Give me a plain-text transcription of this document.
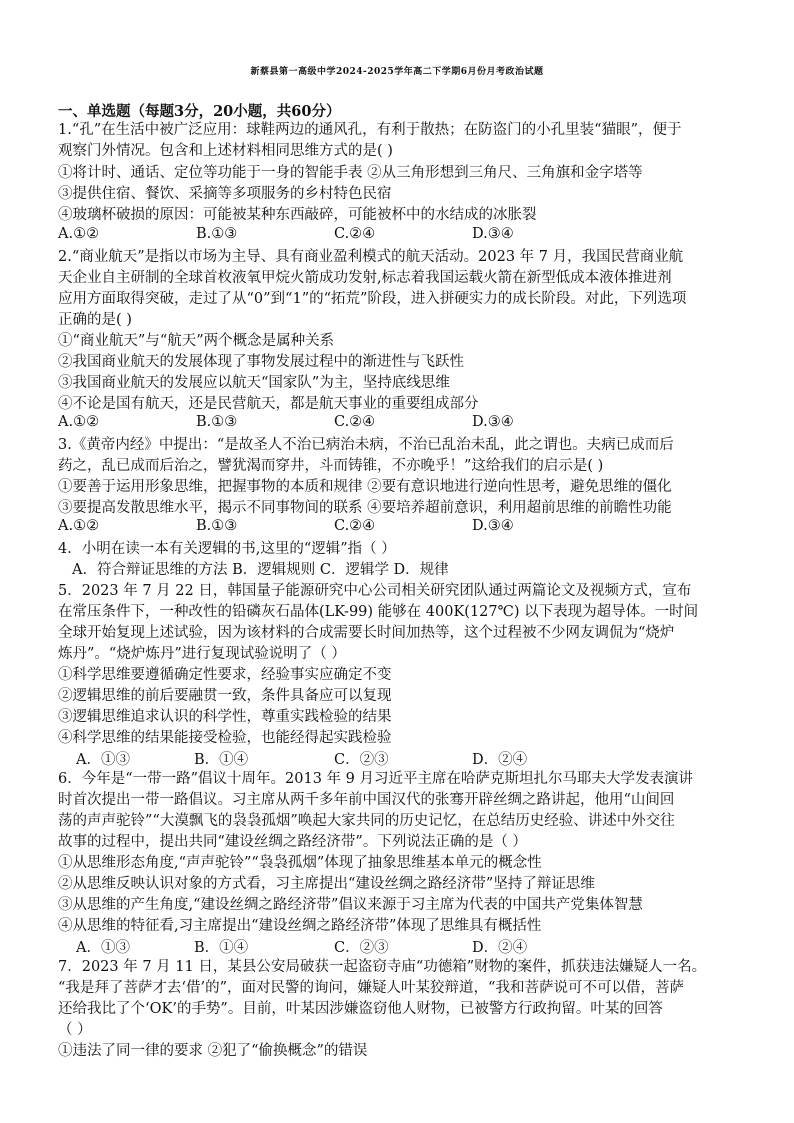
新蔡县第一高级中学2024-2025学年高二下学期6月份月考政治试题
一、单选题（每题3分，20小题，共60分）
1.“孔”在生活中被广泛应用：球鞋两边的通风孔，有利于散热；在防盗门的小孔里装“猫眼”，便于
观察门外情况。包含和上述材料相同思维方式的是( )
①将计时、通话、定位等功能于一身的智能手表 ②从三角形想到三角尺、三角旗和金字塔等
③提供住宿、餐饮、采摘等多项服务的乡村特色民宿
④玻璃杯破损的原因：可能被某种东西敲碎，可能被杯中的水结成的冰胀裂
A.①②	B.①③	C.②④	D.③④
2.“商业航天”是指以市场为主导、具有商业盈利模式的航天活动。2023 年 7 月，我国民营商业航
天企业自主研制的全球首枚液氧甲烷火箭成功发射,标志着我国运载火箭在新型低成本液体推进剂
应用方面取得突破，走过了从“0”到“1”的“拓荒”阶段，进入拼硬实力的成长阶段。对此，下列选项
正确的是( )
①“商业航天”与“航天”两个概念是属种关系
②我国商业航天的发展体现了事物发展过程中的渐进性与飞跃性
③我国商业航天的发展应以航天“国家队”为主，坚持底线思维
④不论是国有航天，还是民营航天，都是航天事业的重要组成部分
A.①②	B.①③	C.②④	D.③④
3.《黄帝内经》中提出：“是故圣人不治已病治未病，不治已乱治未乱，此之谓也。夫病已成而后
药之，乱已成而后治之，譬犹渴而穿井，斗而铸锥，不亦晚乎！”这给我们的启示是( )
①要善于运用形象思维，把握事物的本质和规律 ②要有意识地进行逆向性思考，避免思维的僵化
③要提高发散思维水平，揭示不同事物间的联系 ④要培养超前意识，利用超前思维的前瞻性功能
A.①②	B.①③	C.②④	D.③④
4．小明在读一本有关逻辑的书,这里的“逻辑”指（ ）
A．符合辩证思维的方法 B．逻辑规则 C．逻辑学 D．规律
5．2023 年 7 月 22 日，韩国量子能源研究中心公司相关研究团队通过两篇论文及视频方式，宣布
在常压条件下，一种改性的铅磷灰石晶体(LK-99) 能够在 400K(127℃) 以下表现为超导体。一时间
全球开始复现上述试验，因为该材料的合成需要长时间加热等，这个过程被不少网友调侃为“烧炉
炼丹”。“烧炉炼丹”进行复现试验说明了（ ）
①科学思维要遵循确定性要求，经验事实应确定不变
②逻辑思维的前后要融贯一致，条件具备应可以复现
③逻辑思维追求认识的科学性，尊重实践检验的结果
④科学思维的结果能接受检验，也能经得起实践检验
A．①③	B．①④	C．②③	D．②④
6．今年是“一带一路”倡议十周年。2013 年 9 月习近平主席在哈萨克斯坦扎尔马耶夫大学发表演讲
时首次提出一带一路倡议。习主席从两千多年前中国汉代的张骞开辟丝绸之路讲起，他用“山间回
荡的声声驼铃”“大漠飘飞的袅袅孤烟”唤起大家共同的历史记忆，在总结历史经验、讲述中外交往
故事的过程中，提出共同“建设丝绸之路经济带”。下列说法正确的是（ ）
①从思维形态角度,“声声驼铃”“袅袅孤烟”体现了抽象思维基本单元的概念性
②从思维反映认识对象的方式看，习主席提出“建设丝绸之路经济带”坚持了辩证思维
③从思维的产生角度,“建设丝绸之路经济带”倡议来源于习主席为代表的中国共产党集体智慧
④从思维的特征看,习主席提出“建设丝绸之路经济带”体现了思维具有概括性
A．①③	B．①④	C．②③	D．②④
7．2023 年 7 月 11 日，某县公安局破获一起盗窃寺庙“功德箱”财物的案件，抓获违法嫌疑人一名。
“我是拜了菩萨才去‘借’的”，面对民警的询问，嫌疑人叶某狡辩道，“我和菩萨说可不可以借，菩萨
还给我比了个‘OK’的手势”。目前，叶某因涉嫌盗窃他人财物，已被警方行政拘留。叶某的回答
（ ）
①违法了同一律的要求 ②犯了“偷换概念”的错误
